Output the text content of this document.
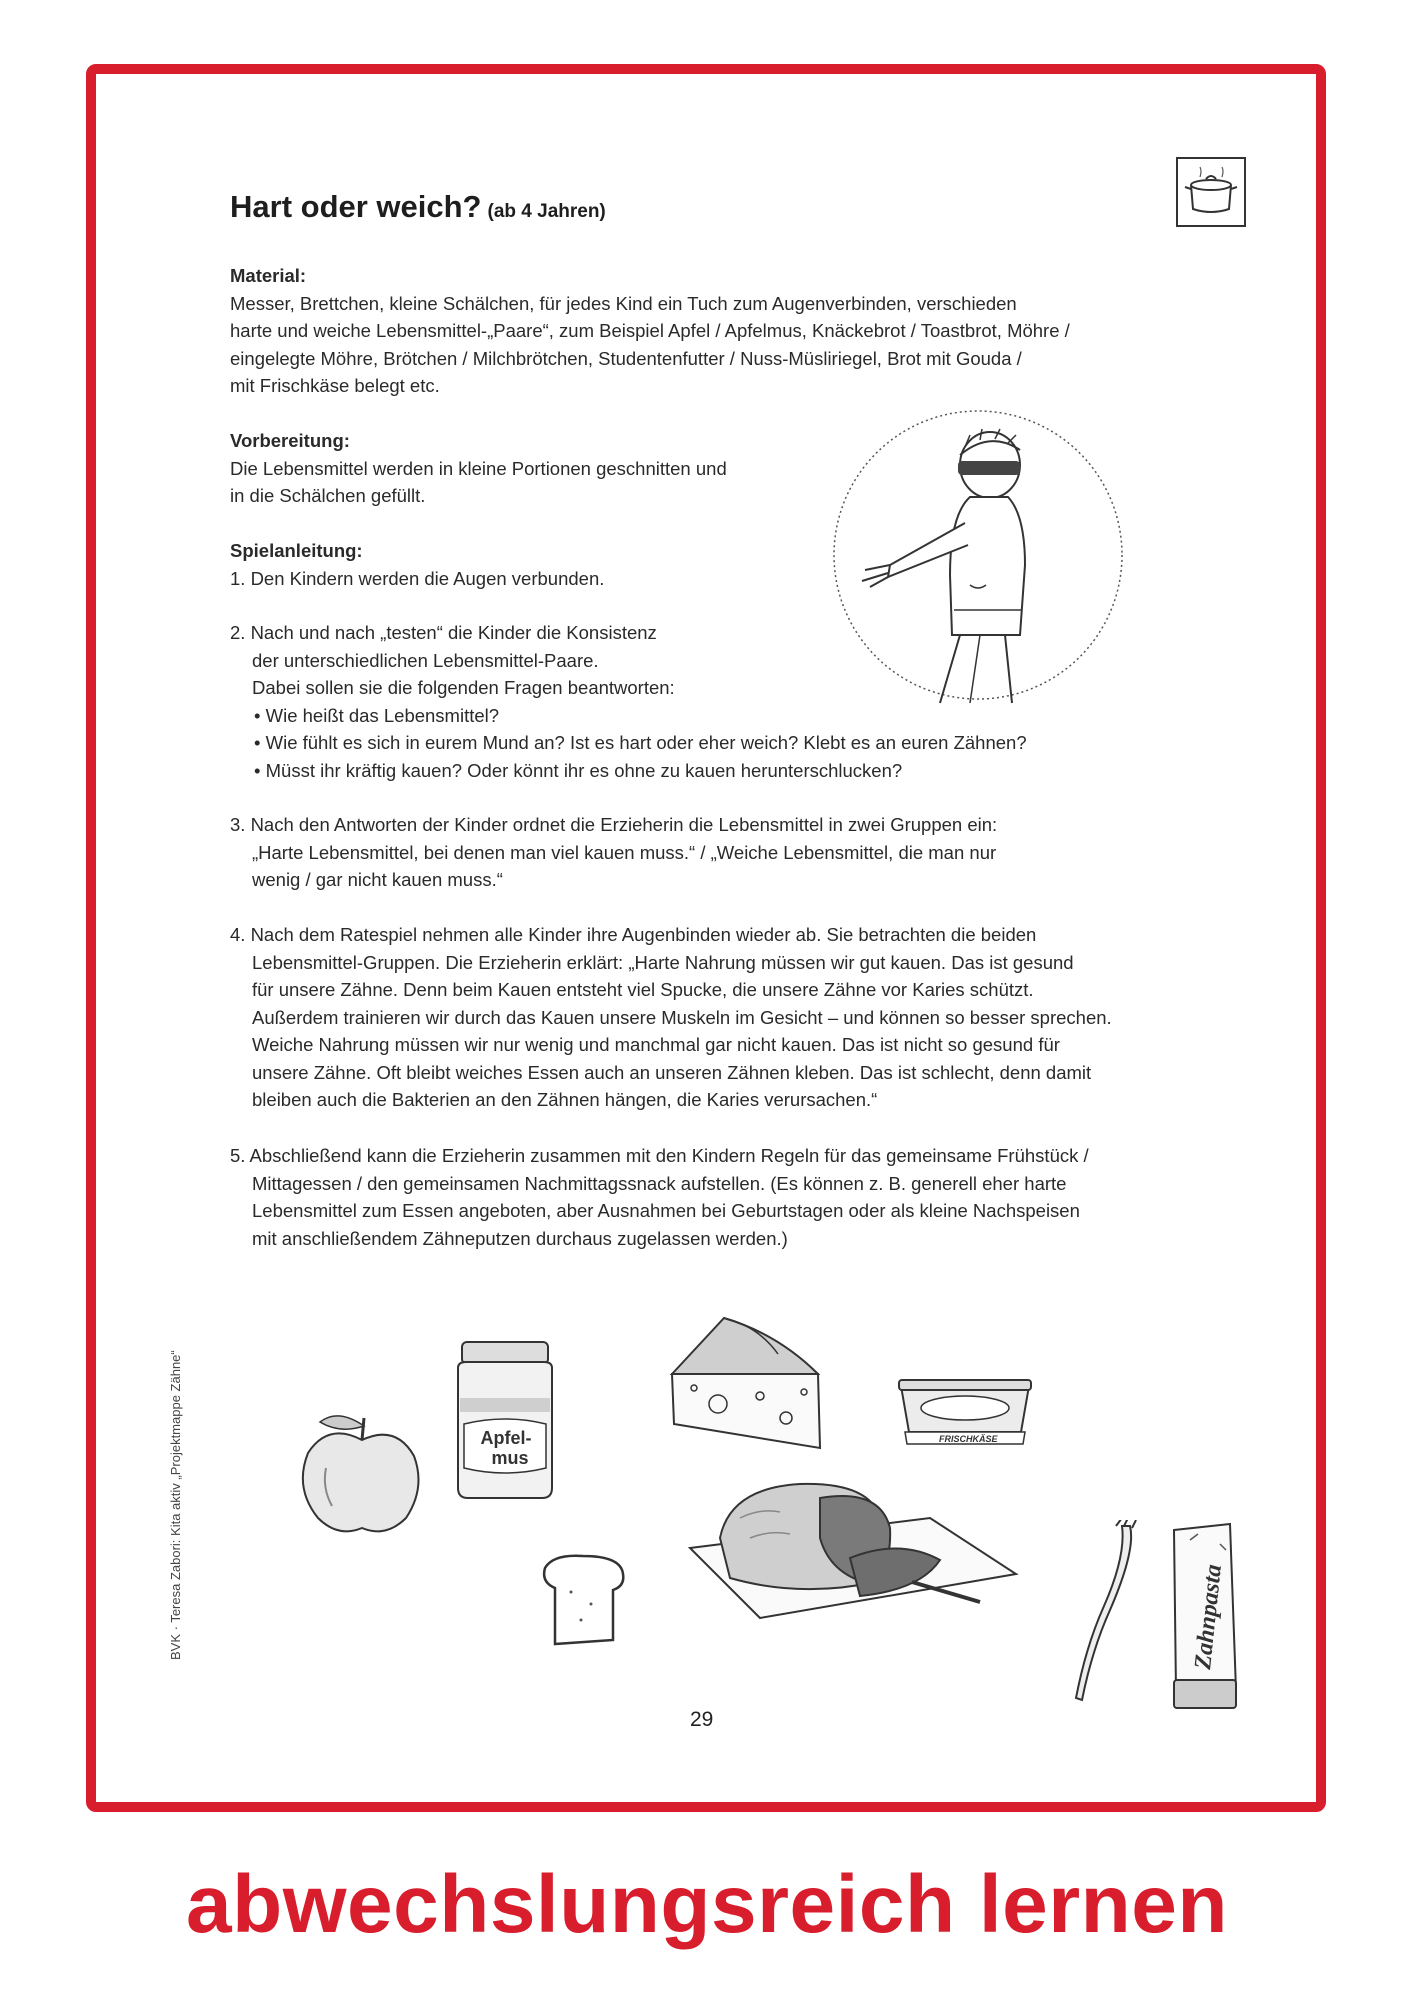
Hart oder weich? (ab 4 Jahren)
Material:
Messer, Brettchen, kleine Schälchen, für jedes Kind ein Tuch zum Augenverbinden, verschieden
harte und weiche Lebensmittel-„Paare“, zum Beispiel Apfel / Apfelmus, Knäckebrot / Toastbrot, Möhre /
eingelegte Möhre, Brötchen / Milchbrötchen, Studentenfutter / Nuss-Müsliriegel, Brot mit Gouda /
mit Frischkäse belegt etc.
Vorbereitung:
Die Lebensmittel werden in kleine Portionen geschnitten und
in die Schälchen gefüllt.
Spielanleitung:
1. Den Kindern werden die Augen verbunden.
2. Nach und nach „testen“ die Kinder die Konsistenz
der unterschiedlichen Lebensmittel-Paare.
Dabei sollen sie die folgenden Fragen beantworten:
• Wie heißt das Lebensmittel?
• Wie fühlt es sich in eurem Mund an? Ist es hart oder eher weich? Klebt es an euren Zähnen?
• Müsst ihr kräftig kauen? Oder könnt ihr es ohne zu kauen herunterschlucken?
3. Nach den Antworten der Kinder ordnet die Erzieherin die Lebensmittel in zwei Gruppen ein:
„Harte Lebensmittel, bei denen man viel kauen muss.“ / „Weiche Lebensmittel, die man nur
wenig / gar nicht kauen muss.“
4. Nach dem Ratespiel nehmen alle Kinder ihre Augenbinden wieder ab. Sie betrachten die beiden
Lebensmittel-Gruppen. Die Erzieherin erklärt: „Harte Nahrung müssen wir gut kauen. Das ist gesund
für unsere Zähne. Denn beim Kauen entsteht viel Spucke, die unsere Zähne vor Karies schützt.
Außerdem trainieren wir durch das Kauen unsere Muskeln im Gesicht – und können so besser sprechen.
Weiche Nahrung müssen wir nur wenig und manchmal gar nicht kauen. Das ist nicht so gesund für
unsere Zähne. Oft bleibt weiches Essen auch an unseren Zähnen kleben. Das ist schlecht, denn damit
bleiben auch die Bakterien an den Zähnen hängen, die Karies verursachen.“
5. Abschließend kann die Erzieherin zusammen mit den Kindern Regeln für das gemeinsame Frühstück /
Mittagessen / den gemeinsamen Nachmittagssnack aufstellen. (Es können z. B. generell eher harte
Lebensmittel zum Essen angeboten, aber Ausnahmen bei Geburtstagen oder als kleine Nachspeisen
mit anschließendem Zähneputzen durchaus zugelassen werden.)
Apfel-
mus
FRISCHKÄSE
Zahnpasta
BVK · Teresa Zabori: Kita aktiv „Projektmappe Zähne“
29
abwechslungsreich lernen
